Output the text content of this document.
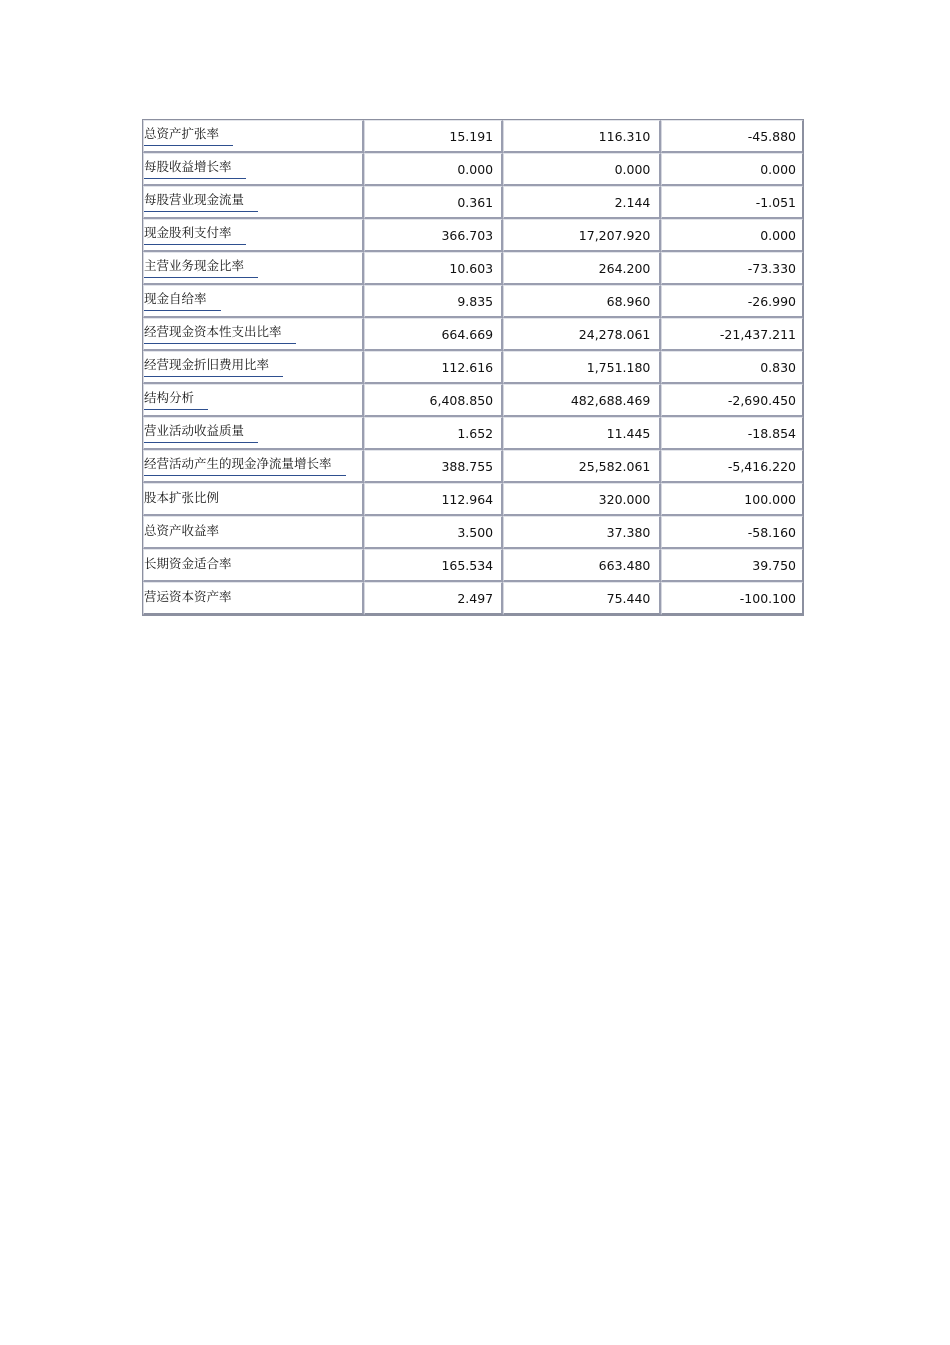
总资产扩张率	15.191	116.310	-45.880
每股收益增长率	0.000	0.000	0.000
每股营业现金流量	0.361	2.144	-1.051
现金股利支付率	366.703	17,207.920	0.000
主营业务现金比率	10.603	264.200	-73.330
现金自给率	9.835	68.960	-26.990
经营现金资本性支出比率	664.669	24,278.061	-21,437.211
经营现金折旧费用比率	112.616	1,751.180	0.830
结构分析	6,408.850	482,688.469	-2,690.450
营业活动收益质量	1.652	11.445	-18.854
经营活动产生的现金净流量增长率	388.755	25,582.061	-5,416.220
股本扩张比例	112.964	320.000	100.000
总资产收益率	3.500	37.380	-58.160
长期资金适合率	165.534	663.480	39.750
营运资本资产率	2.497	75.440	-100.100
